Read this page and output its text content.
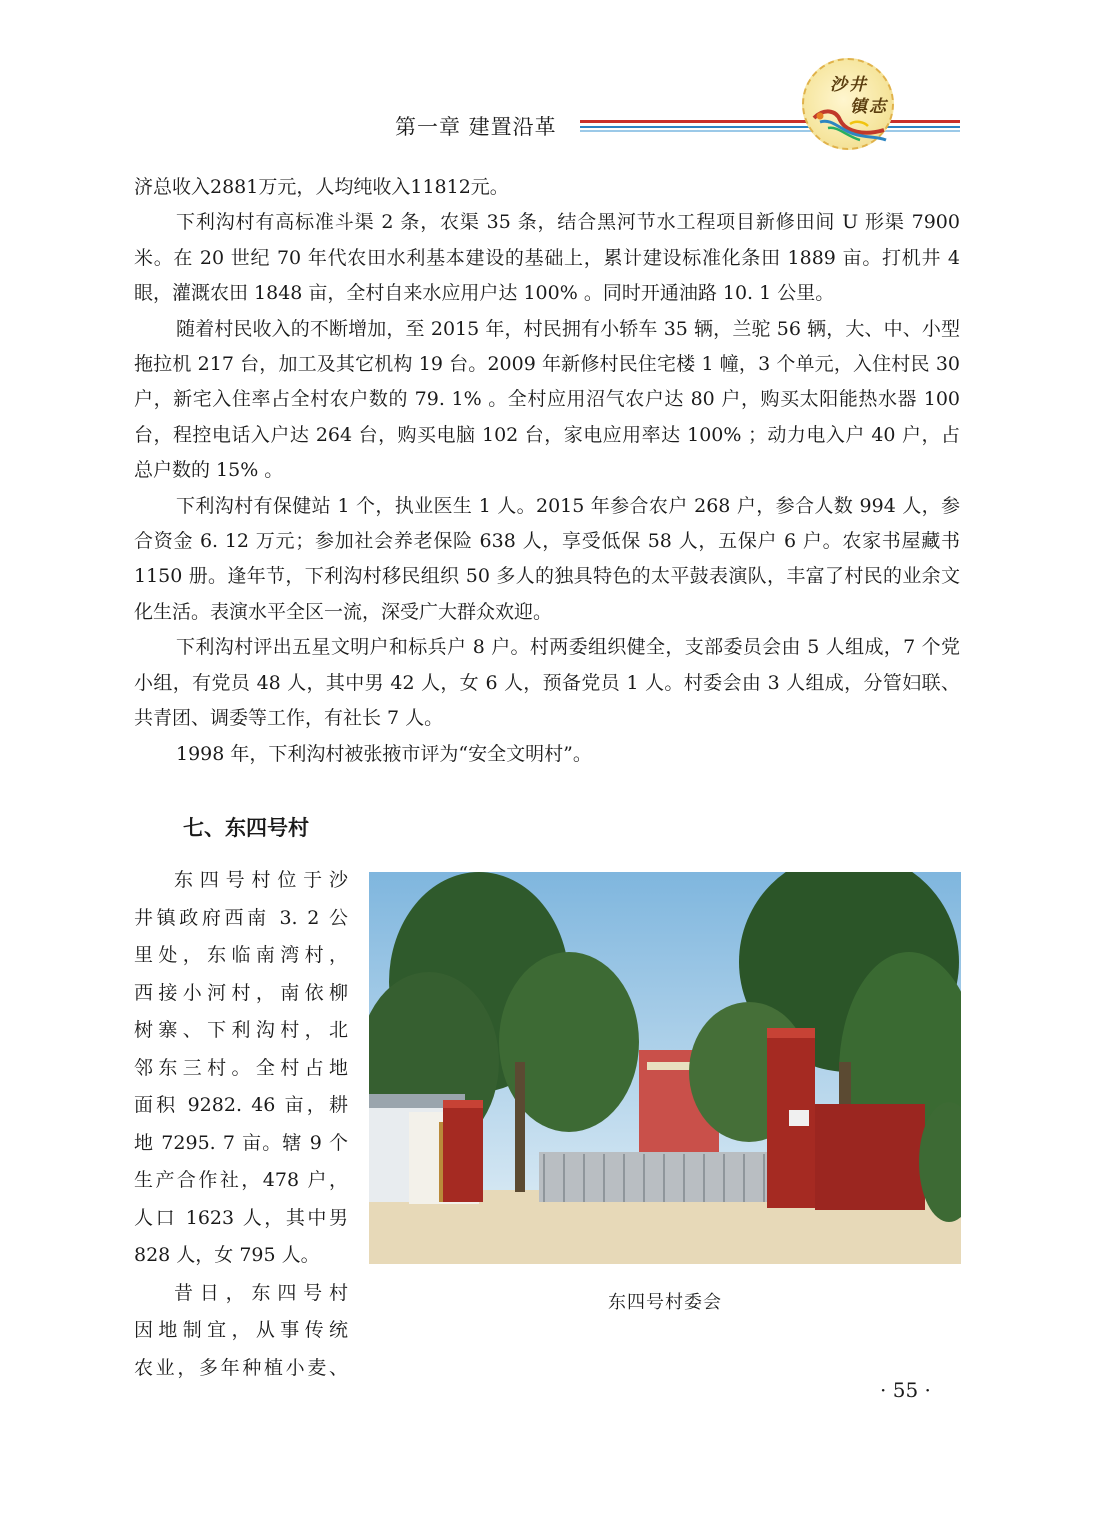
第一章 建置沿革
沙井
镇志

济总收入2881万元，人均纯收入11812元。

下利沟村有高标准斗渠 2 条，农渠 35 条，结合黑河节水工程项目新修田间 U 形渠 7900 米。在 20 世纪 70 年代农田水利基本建设的基础上，累计建设标准化条田 1889 亩。打机井 4 眼，灌溉农田 1848 亩，全村自来水应用户达 100% 。同时开通油路 10. 1 公里。

随着村民收入的不断增加，至 2015 年，村民拥有小轿车 35 辆，兰驼 56 辆，大、中、小型拖拉机 217 台，加工及其它机构 19 台。2009 年新修村民住宅楼 1 幢，3 个单元，入住村民 30 户，新宅入住率占全村农户数的 79. 1% 。全村应用沼气农户达 80 户，购买太阳能热水器 100 台，程控电话入户达 264 台，购买电脑 102 台，家电应用率达 100% ；动力电入户 40 户，占总户数的 15% 。

下利沟村有保健站 1 个，执业医生 1 人。2015 年参合农户 268 户，参合人数 994 人，参合资金 6. 12 万元；参加社会养老保险 638 人，享受低保 58 人，五保户 6 户。农家书屋藏书 1150 册。逢年节，下利沟村移民组织 50 多人的独具特色的太平鼓表演队，丰富了村民的业余文化生活。表演水平全区一流，深受广大群众欢迎。

下利沟村评出五星文明户和标兵户 8 户。村两委组织健全，支部委员会由 5 人组成，7 个党小组，有党员 48 人，其中男 42 人，女 6 人，预备党员 1 人。村委会由 3 人组成，分管妇联、共青团、调委等工作，有社长 7 人。

1998 年，下利沟村被张掖市评为“安全文明村”。

七、东四号村

东四号村位于沙

井镇政府西南 3. 2 公

里处，东临南湾村，

西接小河村，南依柳

树寨、下利沟村，北

邻东三村。全村占地

面积 9282. 46 亩，耕

地 7295. 7 亩。辖 9 个

生产合作社，478 户，

人口 1623 人，其中男

828 人，女 795 人。

昔日，东四号村

因地制宜，从事传统

农业，多年种植小麦、

东四号村委会
· 55 ·
